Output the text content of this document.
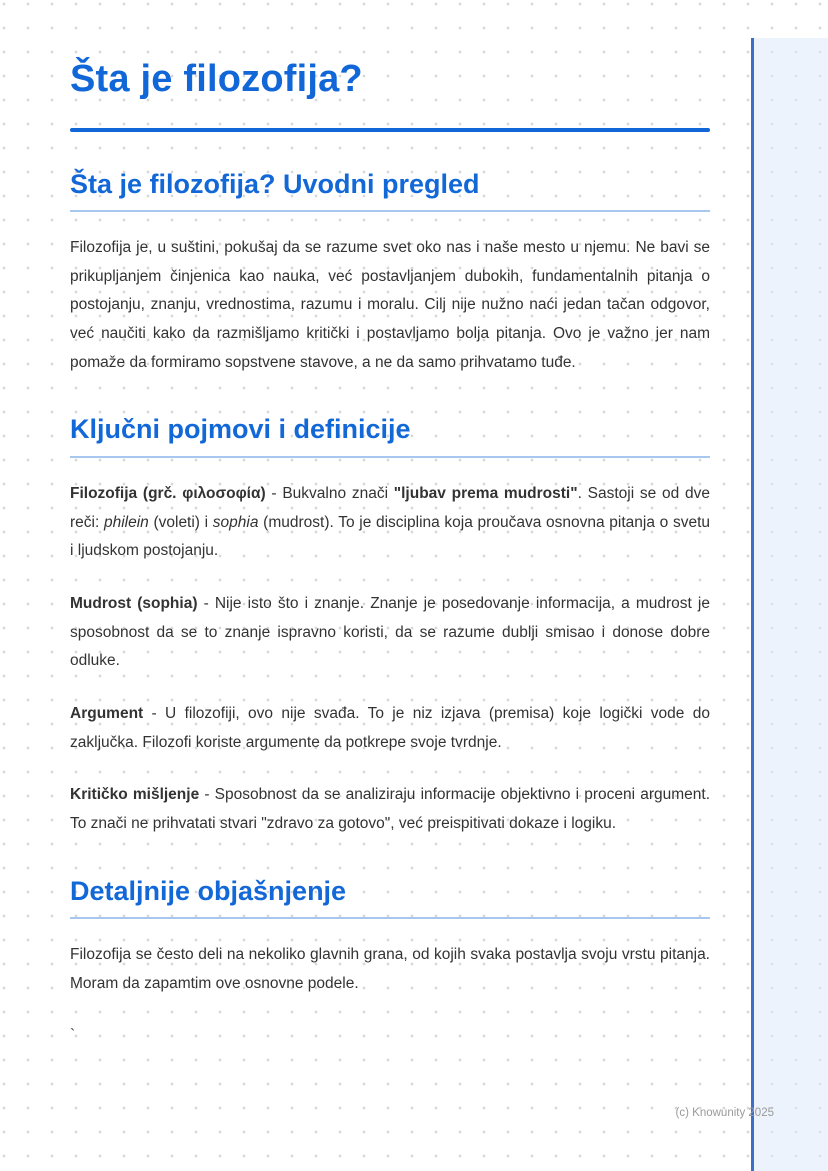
Šta je filozofija?
Šta je filozofija? Uvodni pregled

Filozofija je, u suštini, pokušaj da se razume svet oko nas i naše mesto u njemu. Ne bavi se prikupljanjem činjenica kao nauka, već postavljanjem dubokih, fundamentalnih pitanja o postojanju, znanju, vrednostima, razumu i moralu. Cilj nije nužno naći jedan tačan odgovor, već naučiti kako da razmišljamo kritički i postavljamo bolja pitanja. Ovo je važno jer nam pomaže da formiramo sopstvene stavove, a ne da samo prihvatamo tuđe.

Ključni pojmovi i definicije

Filozofija (grč. φιλοσοφία) - Bukvalno znači "ljubav prema mudrosti". Sastoji se od dve reči: philein (voleti) i sophia (mudrost). To je disciplina koja proučava osnovna pitanja o svetu i ljudskom postojanju.

Mudrost (sophia) - Nije isto što i znanje. Znanje je posedovanje informacija, a mudrost je sposobnost da se to znanje ispravno koristi, da se razume dublji smisao i donose dobre odluke.

Argument - U filozofiji, ovo nije svađa. To je niz izjava (premisa) koje logički vode do zaključka. Filozofi koriste argumente da potkrepe svoje tvrdnje.

Kritičko mišljenje - Sposobnost da se analiziraju informacije objektivno i proceni argument. To znači ne prihvatati stvari "zdravo za gotovo", već preispitivati dokaze i logiku.

Detaljnije objašnjenje

Filozofija se često deli na nekoliko glavnih grana, od kojih svaka postavlja svoju vrstu pitanja. Moram da zapamtim ove osnovne podele.

`

(c) Knowunity 2025
